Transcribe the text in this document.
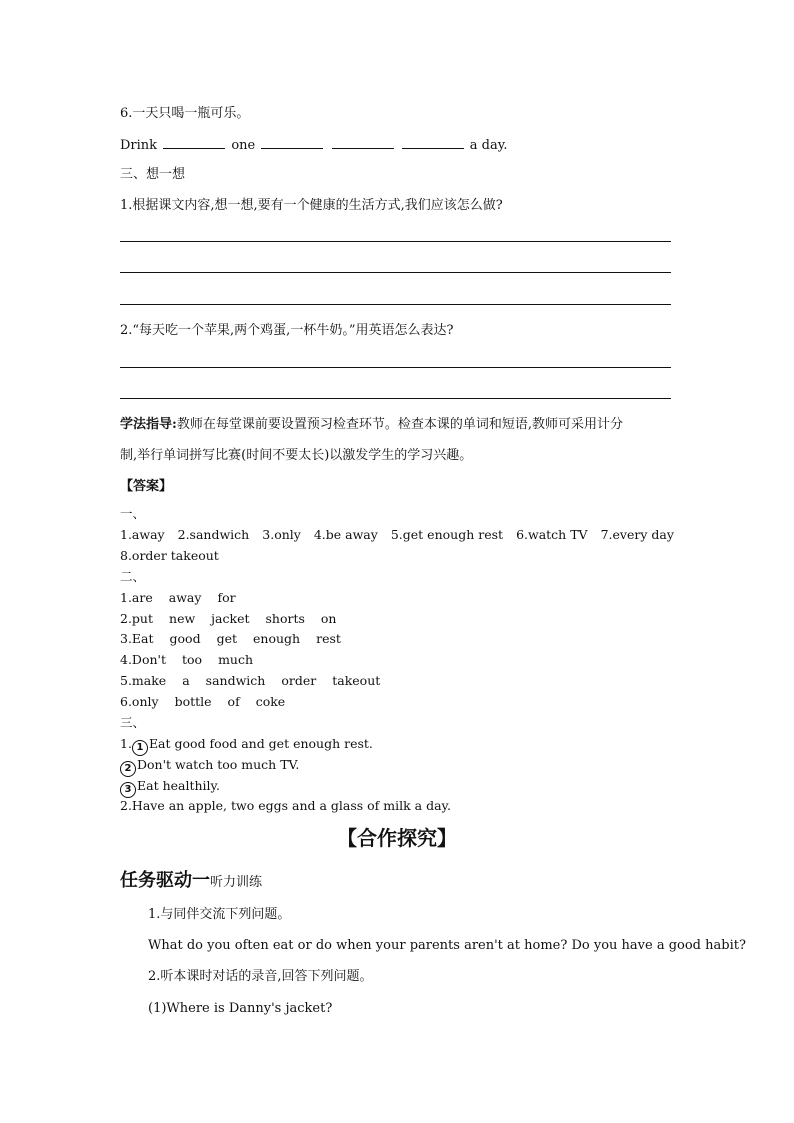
6.一天只喝一瓶可乐。
Drink	one	a day.
三、想一想
1.根据课文内容,想一想,要有一个健康的生活方式,我们应该怎么做?
2.“每天吃一个苹果,两个鸡蛋,一杯牛奶。”用英语怎么表达?
学法指导:教师在每堂课前要设置预习检查环节。检查本课的单词和短语,教师可采用计分
制,举行单词拼写比赛(时间不要太长)以激发学生的学习兴趣。
【答案】
一、
1.away 2.sandwich 3.only 4.be away 5.get enough rest 6.watch TV 7.every day
8.order takeout
二、
1.are away for
2.put new jacket shorts on
3.Eat good get enough rest
4.Don't too much
5.make a sandwich order takeout
6.only bottle of coke
三、
1. 1 Eat good food and get enough rest.
2 Don't watch too much TV.
3 Eat healthily.
2.Have an apple, two eggs and a glass of milk a day.
【合作探究】
任务驱动一听力训练
1.与同伴交流下列问题。
What do you often eat or do when your parents aren't at home? Do you have a good habit?
2.听本课时对话的录音,回答下列问题。
(1)Where is Danny's jacket?
